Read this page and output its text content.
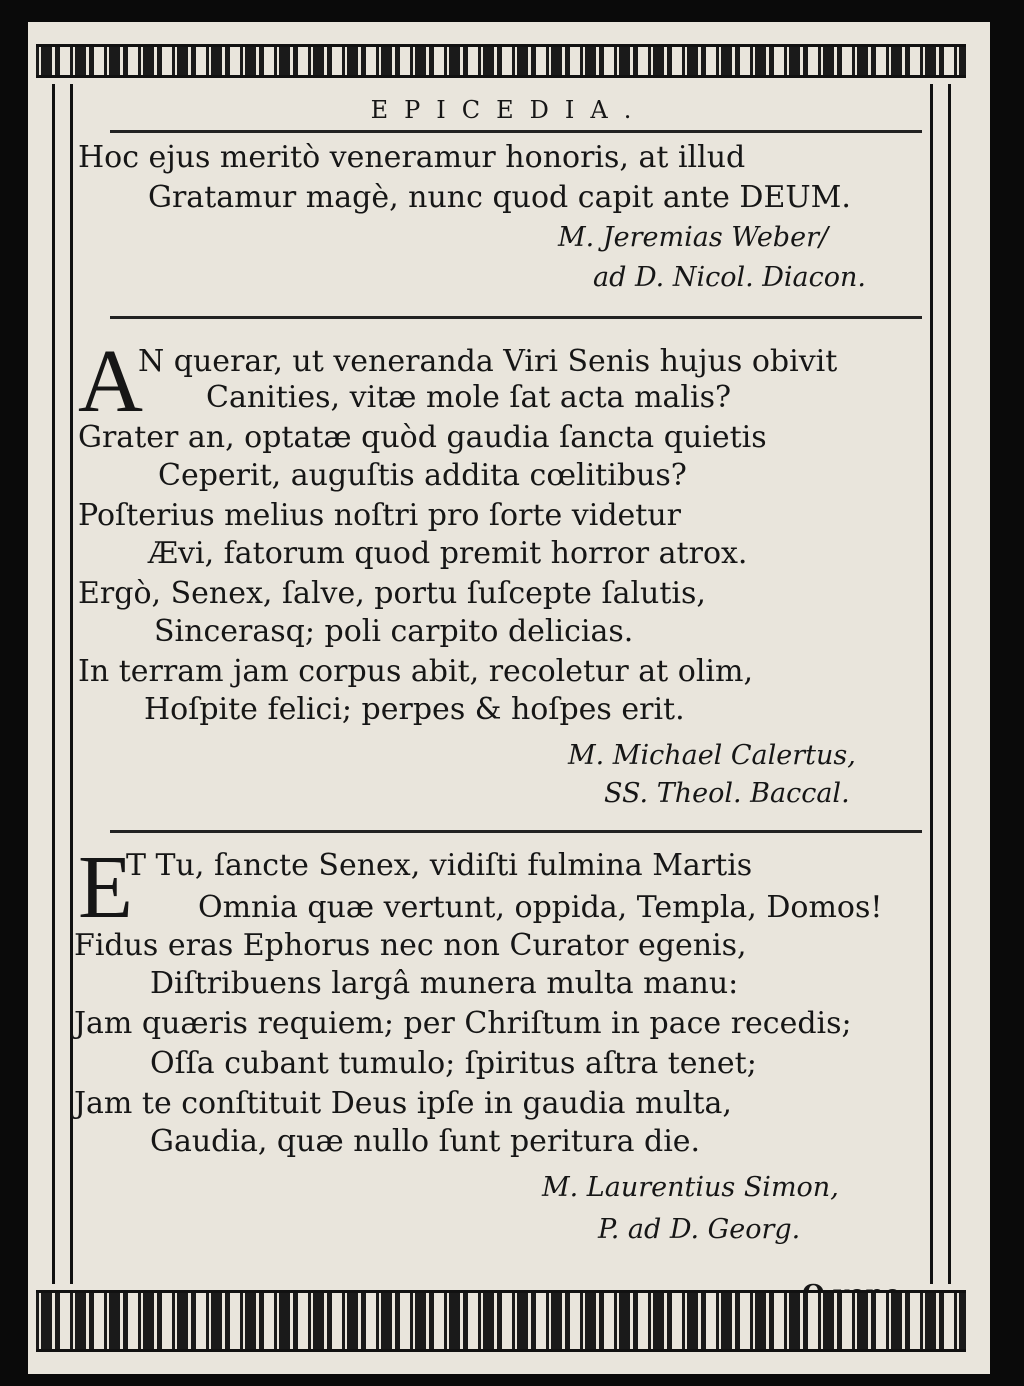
EPICEDIA.
Hoc ejus meritò veneramur honoris, at illud
Gratamur magè, nunc quod capit ante DEUM.
M. Jeremias Weber/
ad D. Nicol. Diacon.
A
N querar, ut veneranda Viri Senis hujus obivit
Canities, vitæ mole ſat acta malis?
Grater an, optatæ quòd gaudia ſancta quietis
Ceperit, auguſtis addita cœlitibus?
Poſterius melius noſtri pro ſorte videtur
Ævi, fatorum quod premit horror atrox.
Ergò, Senex, ſalve, portu ſuſcepte ſalutis,
Sincerasq; poli carpito delicias.
In terram jam corpus abit, recoletur at olim,
Hoſpite felici; perpes & hoſpes erit.
M. Michael Calertus,
SS. Theol. Baccal.
E
T Tu, ſancte Senex, vidiſti fulmina Martis
Omnia quæ vertunt, oppida, Templa, Domos!
Fidus eras Ephorus nec non Curator egenis,
Diſtribuens largâ munera multa manu:
Jam quæris requiem; per Chriſtum in pace recedis;
Oſſa cubant tumulo; ſpiritus aſtra tenet;
Jam te conſtituit Deus ipſe in gaudia multa,
Gaudia, quæ nullo ſunt peritura die.
M. Laurentius Simon,
P. ad D. Georg.
